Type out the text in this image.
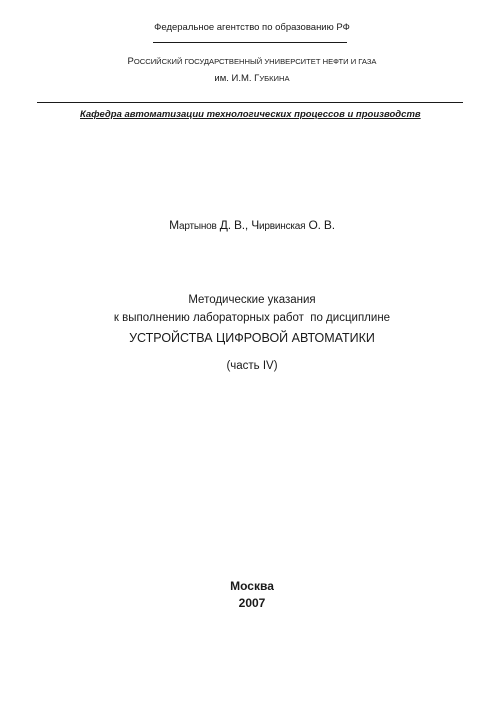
Федеральное агентство по образованию РФ
РОССИЙСКИЙ ГОСУДАРСТВЕННЫЙ УНИВЕРСИТЕТ НЕФТИ И ГАЗА
им. И.М. ГУБКИНА
Кафедра автоматизации технологических процессов и производств
Мартынов Д. В., Чирвинская О. В.
Методические указания
к выполнению лабораторных работ  по дисциплине
УСТРОЙСТВА ЦИФРОВОЙ АВТОМАТИКИ
(часть IV)
Москва
2007
